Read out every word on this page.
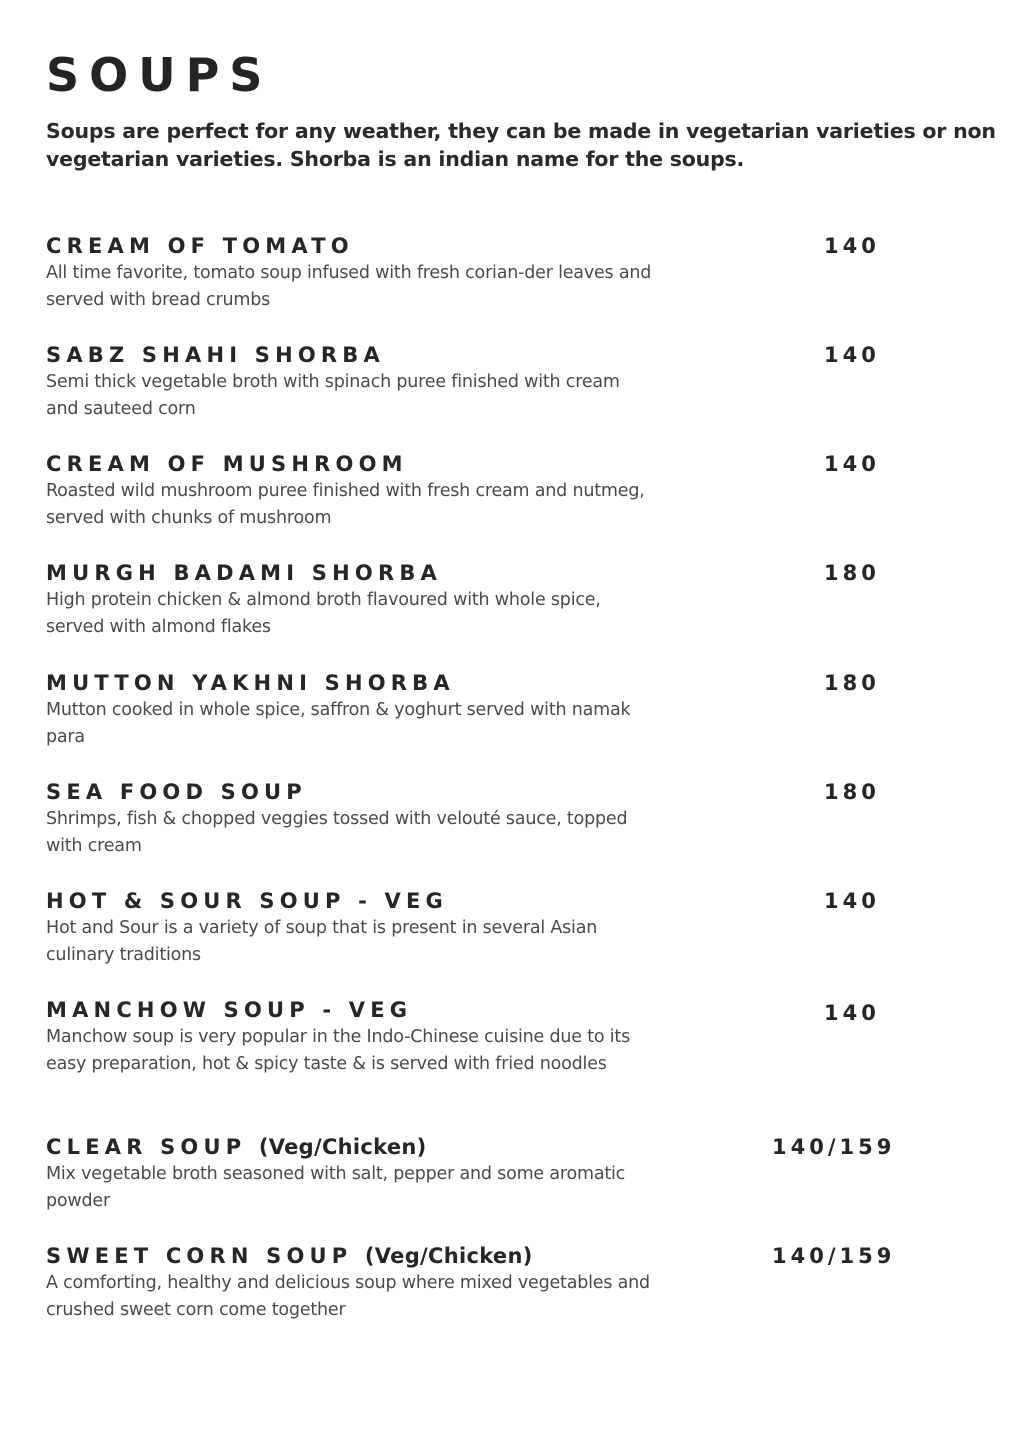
SOUPS

Soups are perfect for any weather, they can be made in vegetarian varieties or non vegetarian varieties. Shorba is an indian name for the soups.

CREAM OF TOMATO

All time favorite, tomato soup infused with fresh corian-der leaves and served with bread crumbs

140

SABZ SHAHI SHORBA

Semi thick vegetable broth with spinach puree finished with cream and sauteed corn

140

CREAM OF MUSHROOM

Roasted wild mushroom puree finished with fresh cream and nutmeg, served with chunks of mushroom

140

MURGH BADAMI SHORBA

High protein chicken & almond broth flavoured with whole spice, served with almond flakes

180

MUTTON YAKHNI SHORBA

Mutton cooked in whole spice, saffron & yoghurt served with namak para

180

SEA FOOD SOUP

Shrimps, fish & chopped veggies tossed with velouté sauce, topped with cream

180

HOT & SOUR SOUP - VEG

Hot and Sour is a variety of soup that is present in several Asian culinary traditions

140

MANCHOW SOUP - VEG

Manchow soup is very popular in the Indo-Chinese cuisine due to its easy preparation, hot & spicy taste & is served with fried noodles

140

CLEAR SOUP (Veg/Chicken)

Mix vegetable broth seasoned with salt, pepper and some aromatic powder

140/159

SWEET CORN SOUP (Veg/Chicken)

A comforting, healthy and delicious soup where mixed vegetables and crushed sweet corn come together

140/159
